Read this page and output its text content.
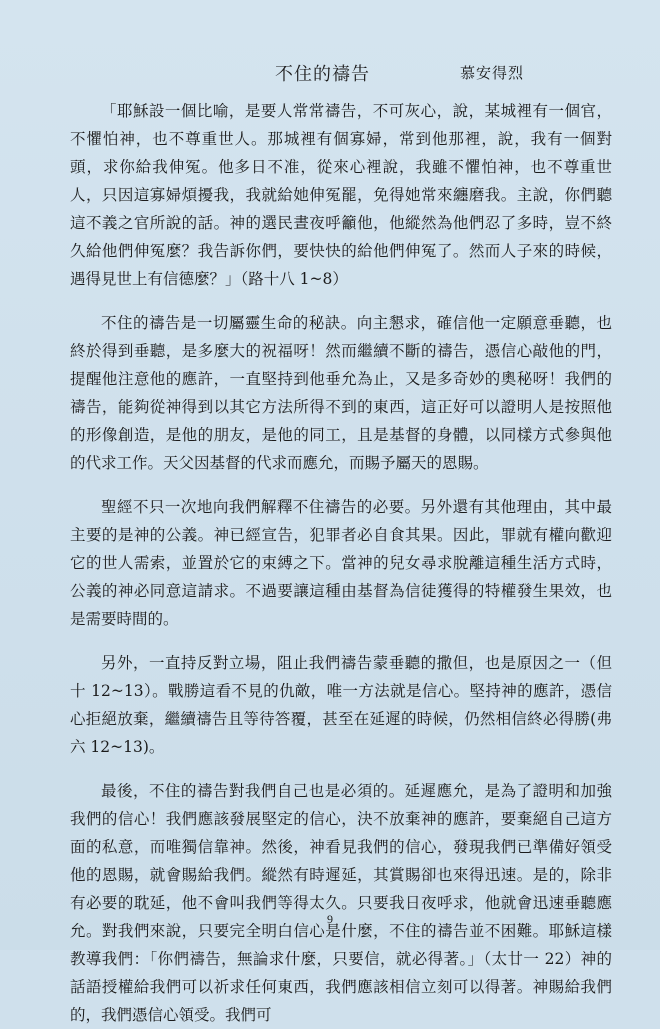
不住的禱告	慕安得烈

「耶穌設一個比喻，是要人常常禱告，不可灰心，說，某城裡有一個官，不懼怕神，也不尊重世人。那城裡有個寡婦，常到他那裡，說，我有一個對頭，求你給我伸冤。他多日不准，從來心裡說，我雖不懼怕神，也不尊重世人，只因這寡婦煩擾我，我就給她伸冤罷，免得她常來纏磨我。主說，你們聽這不義之官所說的話。神的選民晝夜呼籲他，他縱然為他們忍了多時，豈不終久給他們伸冤麼？我告訴你們，要快快的給他們伸冤了。然而人子來的時候，遇得見世上有信德麼？」（路十八 1~8）

不住的禱告是一切屬靈生命的秘訣。向主懇求，確信他一定願意垂聽，也終於得到垂聽，是多麼大的祝福呀！然而繼續不斷的禱告，憑信心敲他的門，提醒他注意他的應許，一直堅持到他垂允為止，又是多奇妙的奧秘呀！我們的禱告，能夠從神得到以其它方法所得不到的東西，這正好可以證明人是按照他的形像創造，是他的朋友，是他的同工，且是基督的身體，以同樣方式參與他的代求工作。天父因基督的代求而應允，而賜予屬天的恩賜。

聖經不只一次地向我們解釋不住禱告的必要。另外還有其他理由，其中最主要的是神的公義。神已經宣告，犯罪者必自食其果。因此，罪就有權向歡迎它的世人需索，並置於它的束縛之下。當神的兒女尋求脫離這種生活方式時，公義的神必同意這請求。不過要讓這種由基督為信徒獲得的特權發生果效，也是需要時間的。

另外，一直持反對立場，阻止我們禱告蒙垂聽的撒但，也是原因之一（但十 12~13）。戰勝這看不見的仇敵，唯一方法就是信心。堅持神的應許，憑信心拒絕放棄，繼續禱告且等待答覆，甚至在延遲的時候，仍然相信終必得勝(弗六 12~13)。

最後，不住的禱告對我們自己也是必須的。延遲應允，是為了證明和加強我們的信心！我們應該發展堅定的信心，決不放棄神的應許，要棄絕自己這方面的私意，而唯獨信靠神。然後，神看見我們的信心，發現我們已準備好領受他的恩賜，就會賜給我們。縱然有時遲延，其賞賜卻也來得迅速。是的，除非有必要的耽延，他不會叫我們等得太久。只要我日夜呼求，他就會迅速垂聽應允。對我們來說，只要完全明白信心是什麼，不住的禱告並不困難。耶穌這樣教導我們：「你們禱告，無論求什麼，只要信，就必得著。」（太廿一 22）神的話語授權給我們可以祈求任何東西，我們應該相信立刻可以得著。神賜給我們的，我們憑信心領受。我們可

9
